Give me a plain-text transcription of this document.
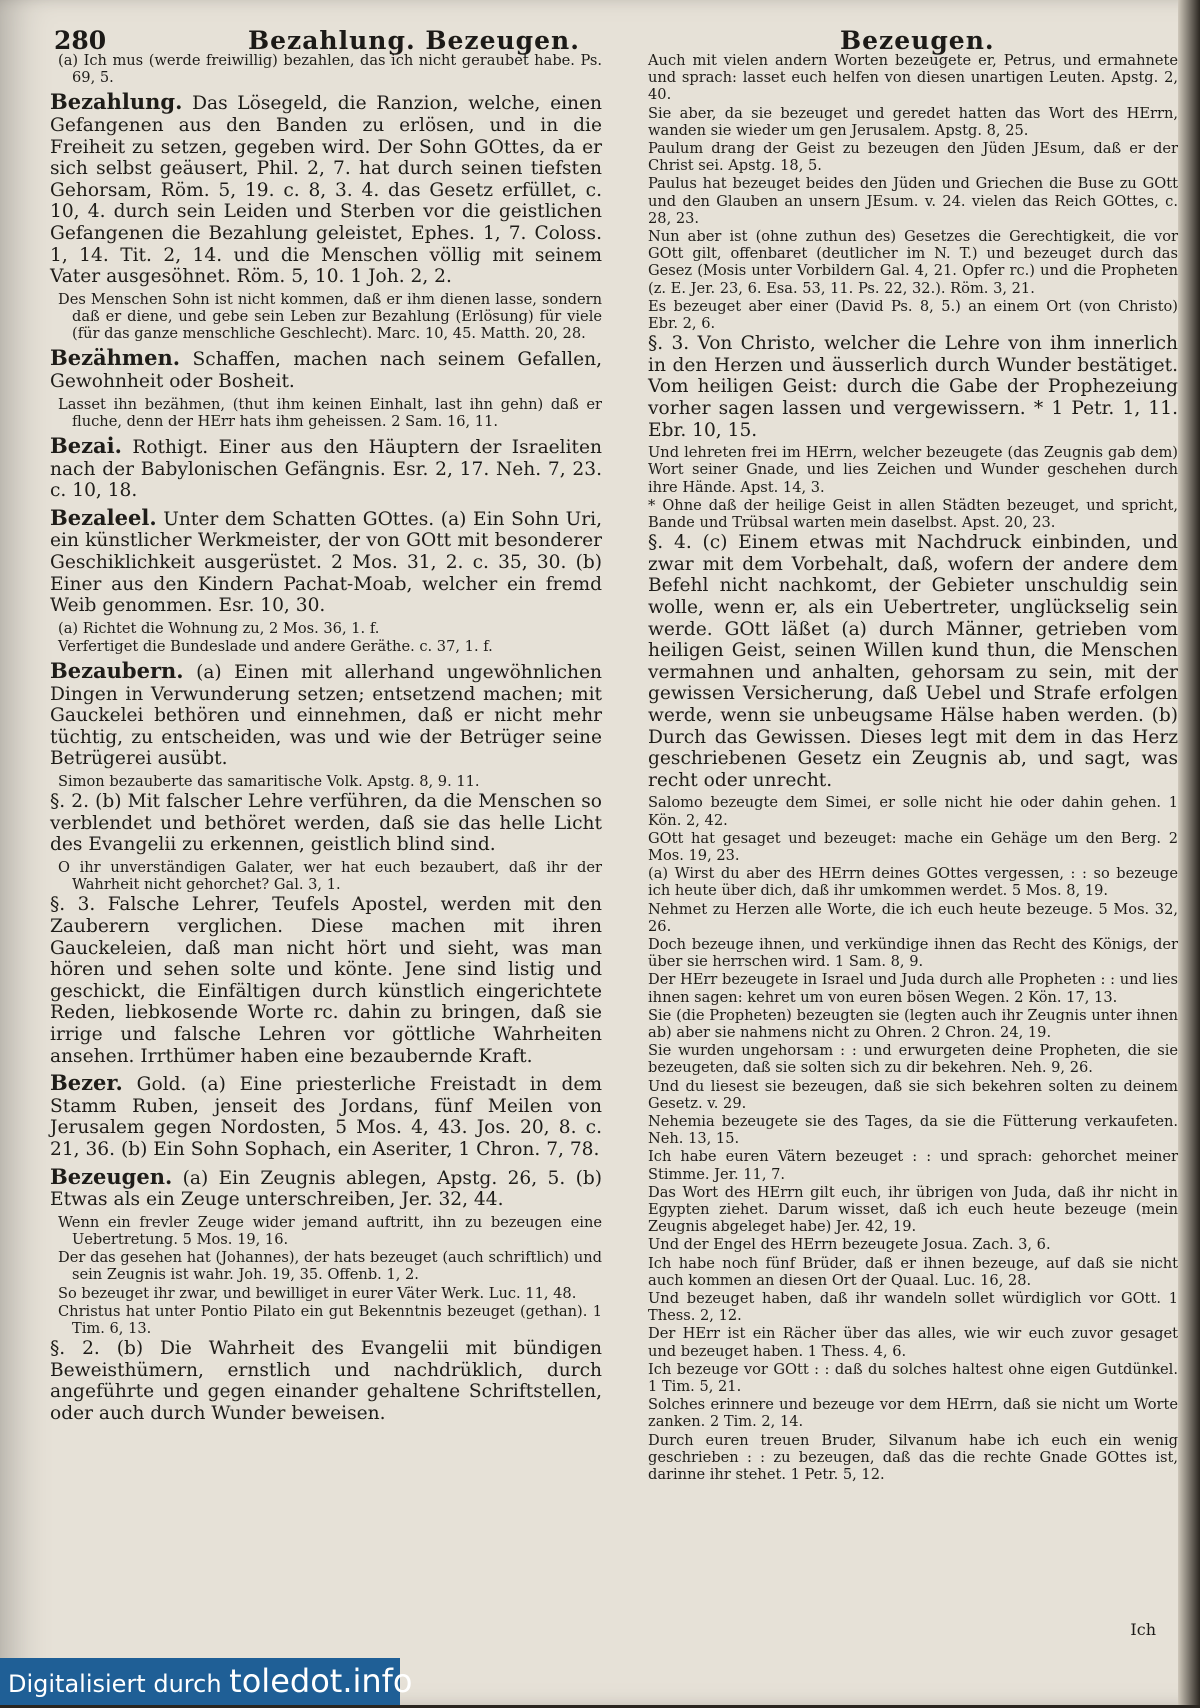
280	Bezahlung. Bezeugen.	Bezeugen.
(a) Ich mus (werde freiwillig) bezahlen, das ich nicht geraubet habe. Ps. 69, 5.
Bezahlung. Das Lösegeld, die Ranzion, welche, einen Gefangenen aus den Banden zu erlösen, und in die Freiheit zu setzen, gegeben wird. Der Sohn GOttes, da er sich selbst geäusert, Phil. 2, 7. hat durch seinen tiefsten Gehorsam, Röm. 5, 19. c. 8, 3. 4. das Gesetz erfüllet, c. 10, 4. durch sein Leiden und Sterben vor die geistlichen Gefangenen die Bezahlung geleistet, Ephes. 1, 7. Coloss. 1, 14. Tit. 2, 14. und die Menschen völlig mit seinem Vater ausgesöhnet. Röm. 5, 10. 1 Joh. 2, 2.
Des Menschen Sohn ist nicht kommen, daß er ihm dienen lasse, sondern daß er diene, und gebe sein Leben zur Bezahlung (Erlösung) für viele (für das ganze menschliche Geschlecht). Marc. 10, 45. Matth. 20, 28.
Bezähmen. Schaffen, machen nach seinem Gefallen, Gewohnheit oder Bosheit.
Lasset ihn bezähmen, (thut ihm keinen Einhalt, last ihn gehn) daß er fluche, denn der HErr hats ihm geheissen. 2 Sam. 16, 11.
Bezai. Rothigt. Einer aus den Häuptern der Israeliten nach der Babylonischen Gefängnis. Esr. 2, 17. Neh. 7, 23. c. 10, 18.
Bezaleel. Unter dem Schatten GOttes. (a) Ein Sohn Uri, ein künstlicher Werkmeister, der von GOtt mit besonderer Geschiklichkeit ausgerüstet. 2 Mos. 31, 2. c. 35, 30. (b) Einer aus den Kindern Pachat-Moab, welcher ein fremd Weib genommen. Esr. 10, 30.
(a) Richtet die Wohnung zu, 2 Mos. 36, 1. f.
Verfertiget die Bundeslade und andere Geräthe. c. 37, 1. f.
Bezaubern. (a) Einen mit allerhand ungewöhnlichen Dingen in Verwunderung setzen; entsetzend machen; mit Gauckelei bethören und einnehmen, daß er nicht mehr tüchtig, zu entscheiden, was und wie der Betrüger seine Betrügerei ausübt.
Simon bezauberte das samaritische Volk. Apstg. 8, 9. 11.
§. 2. (b) Mit falscher Lehre verführen, da die Menschen so verblendet und bethöret werden, daß sie das helle Licht des Evangelii zu erkennen, geistlich blind sind.
O ihr unverständigen Galater, wer hat euch bezaubert, daß ihr der Wahrheit nicht gehorchet? Gal. 3, 1.
§. 3. Falsche Lehrer, Teufels Apostel, werden mit den Zauberern verglichen. Diese machen mit ihren Gauckeleien, daß man nicht hört und sieht, was man hören und sehen solte und könte. Jene sind listig und geschickt, die Einfältigen durch künstlich eingerichtete Reden, liebkosende Worte rc. dahin zu bringen, daß sie irrige und falsche Lehren vor göttliche Wahrheiten ansehen. Irrthümer haben eine bezaubernde Kraft.
Bezer. Gold. (a) Eine priesterliche Freistadt in dem Stamm Ruben, jenseit des Jordans, fünf Meilen von Jerusalem gegen Nordosten, 5 Mos. 4, 43. Jos. 20, 8. c. 21, 36. (b) Ein Sohn Sophach, ein Aseriter, 1 Chron. 7, 78.
Bezeugen. (a) Ein Zeugnis ablegen, Apstg. 26, 5. (b) Etwas als ein Zeuge unterschreiben, Jer. 32, 44.
Wenn ein frevler Zeuge wider jemand auftritt, ihn zu bezeugen eine Uebertretung. 5 Mos. 19, 16.
Der das gesehen hat (Johannes), der hats bezeuget (auch schriftlich) und sein Zeugnis ist wahr. Joh. 19, 35. Offenb. 1, 2.
So bezeuget ihr zwar, und bewilliget in eurer Väter Werk. Luc. 11, 48.
Christus hat unter Pontio Pilato ein gut Bekenntnis bezeuget (gethan). 1 Tim. 6, 13.
§. 2. (b) Die Wahrheit des Evangelii mit bündigen Beweisthümern, ernstlich und nachdrüklich, durch angeführte und gegen einander gehaltene Schriftstellen, oder auch durch Wunder beweisen.
Auch mit vielen andern Worten bezeugete er, Petrus, und ermahnete und sprach: lasset euch helfen von diesen unartigen Leuten. Apstg. 2, 40.
Sie aber, da sie bezeuget und geredet hatten das Wort des HErrn, wanden sie wieder um gen Jerusalem. Apstg. 8, 25.
Paulum drang der Geist zu bezeugen den Jüden JEsum, daß er der Christ sei. Apstg. 18, 5.
Paulus hat bezeuget beides den Jüden und Griechen die Buse zu GOtt und den Glauben an unsern JEsum. v. 24. vielen das Reich GOttes, c. 28, 23.
Nun aber ist (ohne zuthun des) Gesetzes die Gerechtigkeit, die vor GOtt gilt, offenbaret (deutlicher im N. T.) und bezeuget durch das Gesez (Mosis unter Vorbildern Gal. 4, 21. Opfer rc.) und die Propheten (z. E. Jer. 23, 6. Esa. 53, 11. Ps. 22, 32.). Röm. 3, 21.
Es bezeuget aber einer (David Ps. 8, 5.) an einem Ort (von Christo) Ebr. 2, 6.
§. 3. Von Christo, welcher die Lehre von ihm innerlich in den Herzen und äusserlich durch Wunder bestätiget. Vom heiligen Geist: durch die Gabe der Prophezeiung vorher sagen lassen und vergewissern. * 1 Petr. 1, 11. Ebr. 10, 15.
Und lehreten frei im HErrn, welcher bezeugete (das Zeugnis gab dem) Wort seiner Gnade, und lies Zeichen und Wunder geschehen durch ihre Hände. Apst. 14, 3.
* Ohne daß der heilige Geist in allen Städten bezeuget, und spricht, Bande und Trübsal warten mein daselbst. Apst. 20, 23.
§. 4. (c) Einem etwas mit Nachdruck einbinden, und zwar mit dem Vorbehalt, daß, wofern der andere dem Befehl nicht nachkomt, der Gebieter unschuldig sein wolle, wenn er, als ein Uebertreter, unglückselig sein werde. GOtt läßet (a) durch Männer, getrieben vom heiligen Geist, seinen Willen kund thun, die Menschen vermahnen und anhalten, gehorsam zu sein, mit der gewissen Versicherung, daß Uebel und Strafe erfolgen werde, wenn sie unbeugsame Hälse haben werden. (b) Durch das Gewissen. Dieses legt mit dem in das Herz geschriebenen Gesetz ein Zeugnis ab, und sagt, was recht oder unrecht.
Salomo bezeugte dem Simei, er solle nicht hie oder dahin gehen. 1 Kön. 2, 42.
GOtt hat gesaget und bezeuget: mache ein Gehäge um den Berg. 2 Mos. 19, 23.
(a) Wirst du aber des HErrn deines GOttes vergessen, : : so bezeuge ich heute über dich, daß ihr umkommen werdet. 5 Mos. 8, 19.
Nehmet zu Herzen alle Worte, die ich euch heute bezeuge. 5 Mos. 32, 26.
Doch bezeuge ihnen, und verkündige ihnen das Recht des Königs, der über sie herrschen wird. 1 Sam. 8, 9.
Der HErr bezeugete in Israel und Juda durch alle Propheten : : und lies ihnen sagen: kehret um von euren bösen Wegen. 2 Kön. 17, 13.
Sie (die Propheten) bezeugten sie (legten auch ihr Zeugnis unter ihnen ab) aber sie nahmens nicht zu Ohren. 2 Chron. 24, 19.
Sie wurden ungehorsam : : und erwurgeten deine Propheten, die sie bezeugeten, daß sie solten sich zu dir bekehren. Neh. 9, 26.
Und du liesest sie bezeugen, daß sie sich bekehren solten zu deinem Gesetz. v. 29.
Nehemia bezeugete sie des Tages, da sie die Fütterung verkaufeten. Neh. 13, 15.
Ich habe euren Vätern bezeuget : : und sprach: gehorchet meiner Stimme. Jer. 11, 7.
Das Wort des HErrn gilt euch, ihr übrigen von Juda, daß ihr nicht in Egypten ziehet. Darum wisset, daß ich euch heute bezeuge (mein Zeugnis abgeleget habe) Jer. 42, 19.
Und der Engel des HErrn bezeugete Josua. Zach. 3, 6.
Ich habe noch fünf Brüder, daß er ihnen bezeuge, auf daß sie nicht auch kommen an diesen Ort der Quaal. Luc. 16, 28.
Und bezeuget haben, daß ihr wandeln sollet würdiglich vor GOtt. 1 Thess. 2, 12.
Der HErr ist ein Rächer über das alles, wie wir euch zuvor gesaget und bezeuget haben. 1 Thess. 4, 6.
Ich bezeuge vor GOtt : : daß du solches haltest ohne eigen Gutdünkel. 1 Tim. 5, 21.
Solches erinnere und bezeuge vor dem HErrn, daß sie nicht um Worte zanken. 2 Tim. 2, 14.
Durch euren treuen Bruder, Silvanum habe ich euch ein wenig geschrieben : : zu bezeugen, daß das die rechte Gnade GOttes ist, darinne ihr stehet. 1 Petr. 5, 12.
Ich
Digitalisiert durch toledot.info
